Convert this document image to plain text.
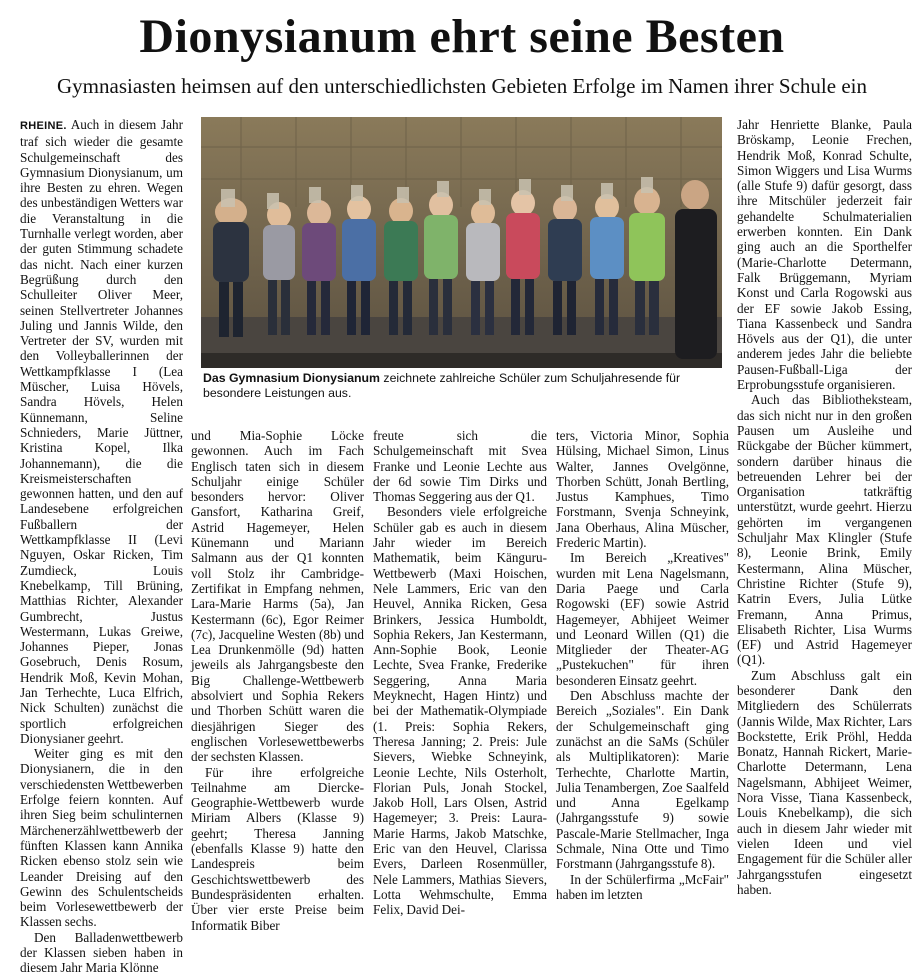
Dionysianum ehrt seine Besten
Gymnasiasten heimsen auf den unterschiedlichsten Gebieten Erfolge im Namen ihrer Schule ein

RHEINE. Auch in diesem Jahr traf sich wieder die gesamte Schulgemeinschaft des Gymnasium Dionysianum, um ihre Besten zu ehren. Wegen des unbeständigen Wetters war die Veranstaltung in die Turnhalle verlegt worden, aber der guten Stimmung schadete das nicht. Nach einer kurzen Begrüßung durch den Schulleiter Oliver Meer, seinen Stellvertreter Johannes Juling und Jannis Wilde, den Vertreter der SV, wurden mit den Volleyballerinnen der Wettkampfklasse I (Lea Müscher, Luisa Hövels, Sandra Hövels, Helen Künnemann, Seline Schnieders, Marie Jüttner, Kristina Kopel, Ilka Johannemann), die die Kreismeisterschaften gewonnen hatten, und den auf Landesebene erfolgreichen Fußballern der Wettkampfklasse II (Levi Nguyen, Oskar Ricken, Tim Zumdieck, Louis Knebelkamp, Till Brüning, Matthias Richter, Alexander Gumbrecht, Justus Westermann, Lukas Greiwe, Johannes Pieper, Jonas Gosebruch, Denis Rosum, Hendrik Moß, Kevin Mohan, Jan Terhechte, Luca Elfrich, Nick Schulten) zunächst die sportlich erfolgreichen Dionysianer geehrt.

Weiter ging es mit den Dionysianern, die in den verschiedensten Wettbewerben Erfolge feiern konnten. Auf ihren Sieg beim schulinternen Märchenerzählwettbewerb der fünften Klassen kann Annika Ricken ebenso stolz sein wie Leander Dreising auf den Gewinn des Schulentscheids beim Vorlesewettbewerb der Klassen sechs.

Den Balladenwettbewerb der Klassen sieben haben in diesem Jahr Maria Klönne

Das Gymnasium Dionysianum zeichnete zahlreiche Schüler zum Schuljahresende für besondere Leistungen aus.

und Mia-Sophie Löcke gewonnen. Auch im Fach Englisch taten sich in diesem Schuljahr einige Schüler besonders hervor: Oliver Gansfort, Katharina Greif, Astrid Hagemeyer, Helen Künemann und Mariann Salmann aus der Q1 konnten voll Stolz ihr Cambridge-Zertifikat in Empfang nehmen, Lara-Marie Harms (5a), Jan Kestermann (6c), Egor Reimer (7c), Jacqueline Westen (8b) und Lea Drunkenmölle (9d) hatten jeweils als Jahrgangsbeste den Big Challenge-Wettbewerb absolviert und Sophia Rekers und Thorben Schütt waren die diesjährigen Sieger des englischen Vorlesewettbewerbs der sechsten Klassen.

Für ihre erfolgreiche Teilnahme am Diercke-Geographie-Wettbewerb wurde Miriam Albers (Klasse 9) geehrt; Theresa Janning (ebenfalls Klasse 9) hatte den Landespreis beim Geschichtswettbewerb des Bundespräsidenten erhalten. Über vier erste Preise beim Informatik Biber

freute sich die Schulgemeinschaft mit Svea Franke und Leonie Lechte aus der 6d sowie Tim Dirks und Thomas Seggering aus der Q1.

Besonders viele erfolgreiche Schüler gab es auch in diesem Jahr wieder im Bereich Mathematik, beim Känguru-Wettbewerb (Maxi Hoischen, Nele Lammers, Eric van den Heuvel, Annika Ricken, Gesa Brinkers, Jessica Humboldt, Sophia Rekers, Jan Kestermann, Ann-Sophie Book, Leonie Lechte, Svea Franke, Frederike Seggering, Anna Maria Meyknecht, Hagen Hintz) und bei der Mathematik-Olympiade (1. Preis: Sophia Rekers, Theresa Janning; 2. Preis: Jule Sievers, Wiebke Schneyink, Leonie Lechte, Nils Osterholt, Florian Puls, Jonah Stockel, Jakob Holl, Lars Olsen, Astrid Hagemeyer; 3. Preis: Laura-Marie Harms, Jakob Matschke, Eric van den Heuvel, Clarissa Evers, Darleen Rosenmüller, Nele Lammers, Mathias Sievers, Lotta Wehmschulte, Emma Felix, David Dei-

ters, Victoria Minor, Sophia Hülsing, Michael Simon, Linus Walter, Jannes Ovelgönne, Thorben Schütt, Jonah Bertling, Justus Kamphues, Timo Forstmann, Svenja Schneyink, Jana Oberhaus, Alina Müscher, Frederic Martin).

Im Bereich „Kreatives" wurden mit Lena Nagelsmann, Daria Paege und Carla Rogowski (EF) sowie Astrid Hagemeyer, Abhijeet Weimer und Leonard Willen (Q1) die Mitglieder der Theater-AG „Pustekuchen" für ihren besonderen Einsatz geehrt.

Den Abschluss machte der Bereich „Soziales". Ein Dank der Schulgemeinschaft ging zunächst an die SaMs (Schüler als Multiplikatoren): Marie Terhechte, Charlotte Martin, Julia Tenambergen, Zoe Saalfeld und Anna Egelkamp (Jahrgangsstufe 9) sowie Pascale-Marie Stellmacher, Inga Schmale, Nina Otte und Timo Forstmann (Jahrgangsstufe 8).

In der Schülerfirma „McFair" haben im letzten

Jahr Henriette Blanke, Paula Bröskamp, Leonie Frechen, Hendrik Moß, Konrad Schulte, Simon Wiggers und Lisa Wurms (alle Stufe 9) dafür gesorgt, dass ihre Mitschüler jederzeit fair gehandelte Schulmaterialien erwerben konnten. Ein Dank ging auch an die Sporthelfer (Marie-Charlotte Determann, Falk Brüggemann, Myriam Konst und Carla Rogowski aus der EF sowie Jakob Essing, Tiana Kassenbeck und Sandra Hövels aus der Q1), die unter anderem jedes Jahr die beliebte Pausen-Fußball-Liga der Erprobungsstufe organisieren.

Auch das Bibliotheksteam, das sich nicht nur in den großen Pausen um Ausleihe und Rückgabe der Bücher kümmert, sondern darüber hinaus die betreuenden Lehrer bei der Organisation tatkräftig unterstützt, wurde geehrt. Hierzu gehörten im vergangenen Schuljahr Max Klingler (Stufe 8), Leonie Brink, Emily Kestermann, Alina Müscher, Christine Richter (Stufe 9), Katrin Evers, Julia Lütke Fremann, Anna Primus, Elisabeth Richter, Lisa Wurms (EF) und Astrid Hagemeyer (Q1).

Zum Abschluss galt ein besonderer Dank den Mitgliedern des Schülerrats (Jannis Wilde, Max Richter, Lars Bockstette, Erik Pröhl, Hedda Bonatz, Hannah Rickert, Marie-Charlotte Determann, Lena Nagelsmann, Abhijeet Weimer, Nora Visse, Tiana Kassenbeck, Louis Knebelkamp), die sich auch in diesem Jahr wieder mit vielen Ideen und viel Engagement für die Schüler aller Jahrgangsstufen eingesetzt haben.
